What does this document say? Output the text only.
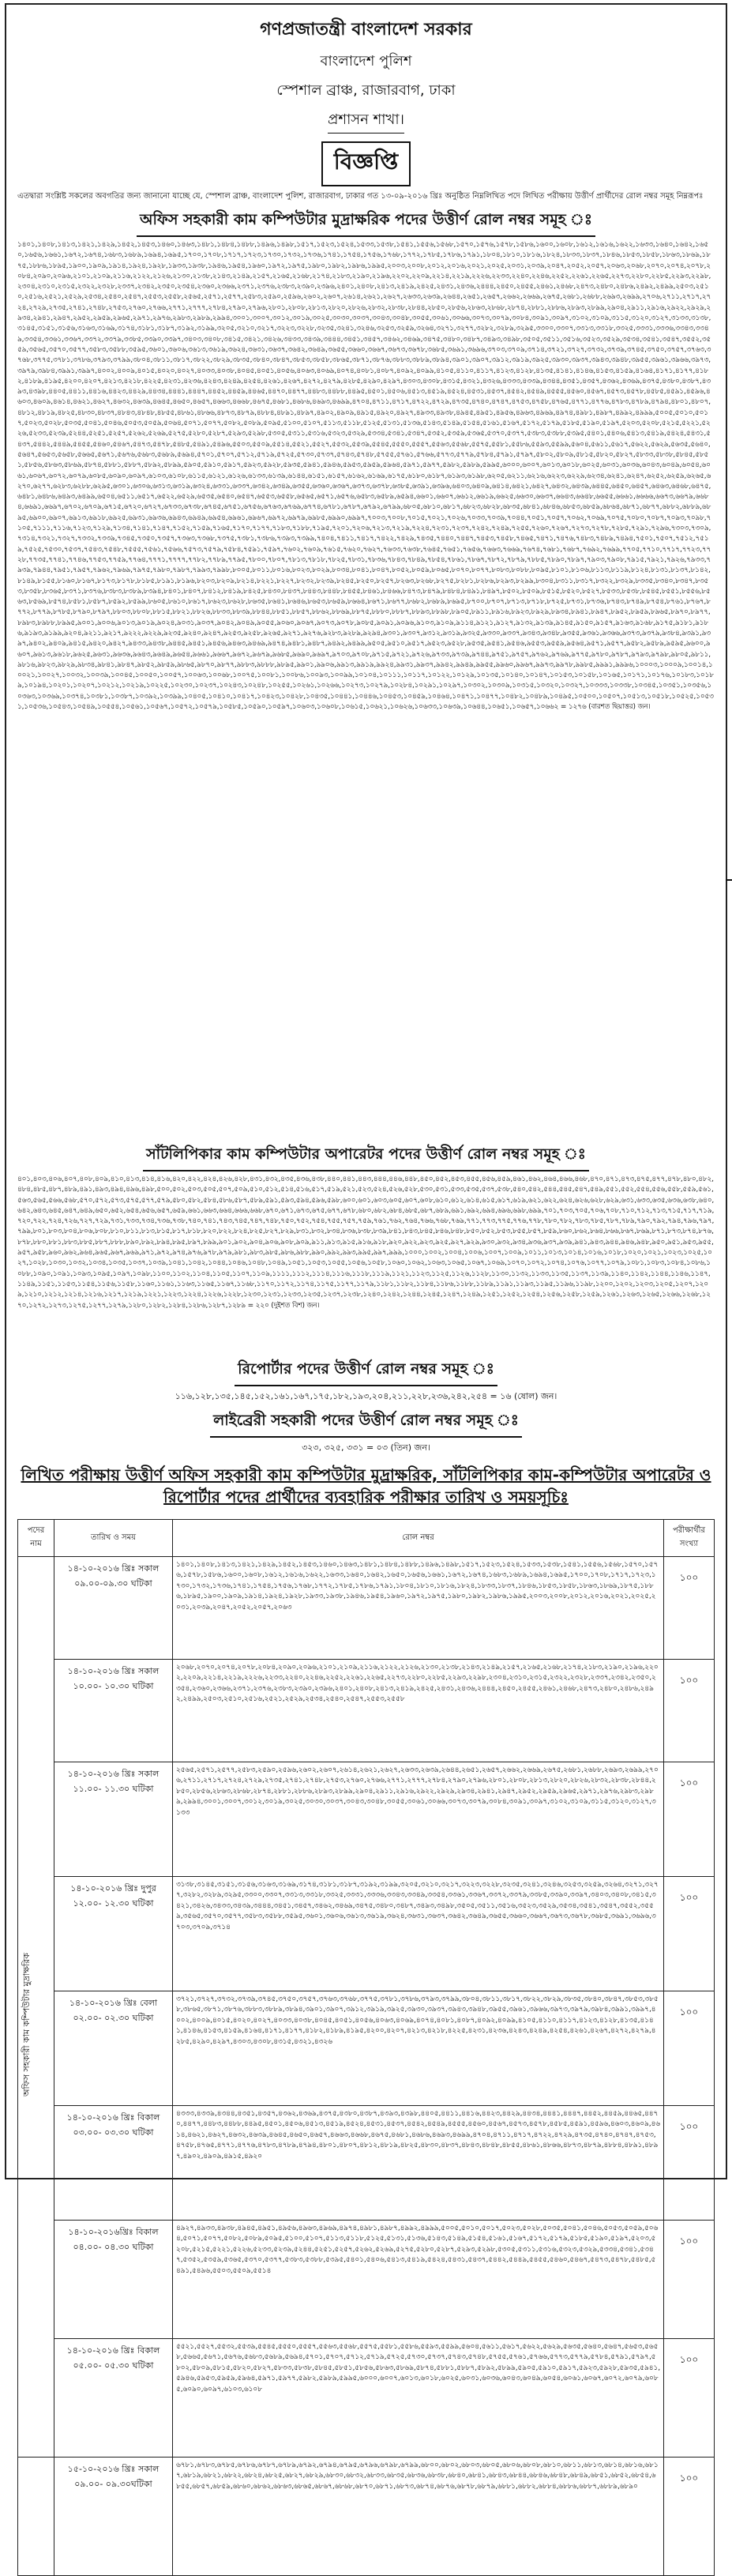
গণপ্রজাতন্ত্রী বাংলাদেশ সরকার
বাংলাদেশ পুলিশ
স্পেশাল ব্রাঞ্চ, রাজারবাগ, ঢাকা
প্রশাসন শাখা।
বিজ্ঞপ্তি
এতদ্বারা সংশ্লিষ্ট সকলের অবগতির জন্য জানানো যাচ্ছে যে, স্পেশাল ব্রাঞ্চ, বাংলাদেশ পুলিশ, রাজারবাগ, ঢাকার গত ১৩-০৯-২০১৬ খ্রিঃ অনুষ্ঠিত নিম্নলিখিত পদে লিখিত পরীক্ষায় উত্তীর্ণ প্রার্থীদের রোল নম্বর সমূহ নিম্নরূপঃ
অফিস সহকারী কাম কম্পিউটার মুদ্রাক্ষরিক পদের উত্তীর্ণ রোল নম্বর সমূহ ঃ
১৪০১,১৪০৮,১৪১৩,১৪২১,১৪২৯,১৪৫২,১৪৫৩,১৪৬০,১৪৬৩,১৪৮১,১৪৮৪,১৪৮৮,১৪৯৬,১৪৯৮,১৫১৭,১৫২৩,১৫২৪,১৫৩৩,১৫৩৮,১৫৪১,১৫৫৬,১৫৬৮,১৫৭০,১৫৭৬,১৫৭৮,১৫৮৬,১৬০০,১৬০৮,১৬১২,১৬১৬,১৬২২,১৬৩৩,১৬৪০,১৬৪২,১৬৫০,১৬৫৬,১৬৬১,১৬৭২,১৬৭৪,১৬৮৩,১৬৮৯,১৬৯৪,১৬৯৫,১৭০০,১৭০৮,১৭১৭,১৭২৩,১৭৩০,১৭৩২,১৭৩৬,১৭৪১,১৭৫৪,১৭৫৬,১৭৬৮,১৭৭২,১৭৮৫,১৭৮৬,১৭৯১,১৮০৪,১৮১০,১৮১৬,১৮২৪,১৮৩৩,১৮৩৭,১৮৪৬,১৮৫৩,১৮৫৮,১৮৬৩,১৮৬৯,১৮৭৫,১৮৮৬,১৮৯৫,১৯০০,১৯০৯,১৯১৪,১৯২৪,১৯২৮,১৯৩৩,১৯৩৮,১৯৪৬,১৯৫৪,১৯৬০,১৯৭২,১৯৭৫,১৯৮০,১৯৮২,১৯৮৬,১৯৯৫,২০০৩,২০০৮,২০১২,২০১৬,২০২১,২০২৫,২০৩১,২০৩৯,২০৪৭,২০৫২,২০৫৭,২০৬৩,২০৬৮,২০৭০,২০৭৪,২০৭৮,২০৮৪,২০৯০,২০৯৬,২১০১,২১০৯,২১১৬,২১২২,২১২৬,২১৩০,২১৩৮,২১৪৩,২১৪৯,২১৫৭,২১৬৫,২১৬৮,২১৭৪,২১৮৩,২১৯০,২১৯৬,২২০২,২২০৯,২২১৪,২২১৯,২২২৬,২২৩৩,২২৪০,২২৪৬,২২৫২,২২৬১,২২৬৫,২২৭৩,২২৮০,২২৮৫,২২৯৩,২২৯৮,২৩০৪,২৩১০,২৩১৫,২৩২২,২৩২৮,২৩৩৭,২৩৪২,২৩৫০,২৩৫৪,২৩৬০,২৩৬৬,২৩৭১,২৩৭৬,২৩৮৩,২৩৯০,২৩৯৬,২৪০১,২৪০৮,২৪১৩,২৪১৯,২৪২৫,২৪৩১,২৪৩৬,২৪৪৪,২৪৫০,২৪৫৫,২৪৬১,২৪৬৮,২৪৭৩,২৪৮০,২৪৮৬,২৪৯২,২৪৯৯,২৫০৩,২৫১০,২৫১৬,২৫২১,২৫২৯,২৫৩৪,২৫৪০,২৫৪৭,২৫৫৩,২৫৫৮,২৫৬৫,২৫৭১,২৫৭৭,২৫৮৩,২৫৯০,২৫৯৬,২৬০২,২৬০৭,২৬১৪,২৬২১,২৬২৭,২৬৩৩,২৬৩৯,২৬৪৪,২৬৫১,২৬৫৭,২৬৬২,২৬৬৯,২৬৭৫,২৬৮১,২৬৮৮,২৬৯৩,২৬৯৯,২৭০৬,২৭১১,২৭১৭,২৭২৪,২৭২৯,২৭৩৫,২৭৪১,২৭৪৮,২৭৫৩,২৭৬০,২৭৬৬,২৭৭১,২৭৭৭,২৭৮৪,২৭৯০,২৭৯৬,২৮০১,২৮০৮,২৮১৩,২৮২০,২৮২৬,২৮৩২,২৮৩৮,২৮৪৪,২৮৫০,২৮৫৬,২৮৬৩,২৮৬৮,২৮৭৪,২৮৮১,২৮৮৬,২৮৯৩,২৮৯৯,২৯০৪,২৯১১,২৯১৬,২৯২২,২৯২৯,২৯৩৪,২৯৪১,২৯৪৭,২৯৫২,২৯৫৯,২৯৬৫,২৯৭১,২৯৭৬,২৯৮৩,২৯৮৯,২৯৯৪,৩০০১,৩০০৭,৩০১২,৩০১৯,৩০২৫,৩০৩০,৩০৩৭,৩০৪৩,৩০৪৮,৩০৫৫,৩০৬১,৩০৬৬,৩০৭৩,৩০৭৯,৩০৮৪,৩০৯১,৩০৯৭,৩১০২,৩১০৯,৩১১৫,৩১২০,৩১২৭,৩১৩৩,৩১৩৮,৩১৪৫,৩১৫১,৩১৫৬,৩১৬৩,৩১৬৯,৩১৭৪,৩১৮১,৩১৮৭,৩১৯২,৩১৯৯,৩২০৫,৩২১০,৩২১৭,৩২২৩,৩২২৮,৩২৩৫,৩২৪১,৩২৪৬,৩২৫৩,৩২৫৯,৩২৬৪,৩২৭১,৩২৭৭,৩২৮২,৩২৮৯,৩২৯৫,৩৩০০,৩৩০৭,৩৩১৩,৩৩১৮,৩৩২৫,৩৩৩১,৩৩৩৬,৩৩৪৩,৩৩৪৯,৩৩৫৪,৩৩৬১,৩৩৬৭,৩৩৭২,৩৩৭৯,৩৩৮৫,৩৩৯০,৩৩৯৭,৩৪০৩,৩৪০৮,৩৪১৫,৩৪২১,৩৪২৬,৩৪৩৩,৩৪৩৯,৩৪৪৪,৩৪৫১,৩৪৫৭,৩৪৬২,৩৪৬৯,৩৪৭৫,৩৪৮০,৩৪৮৭,৩৪৯৩,৩৪৯৮,৩৫০৫,৩৫১১,৩৫১৬,৩৫২৩,৩৫২৯,৩৫৩৪,৩৫৪১,৩৫৪৭,৩৫৫২,৩৫৫৯,৩৫৬৫,৩৫৭০,৩৫৭৭,৩৫৮৩,৩৫৮৮,৩৫৯৫,৩৬০১,৩৬০৬,৩৬১৩,৩৬১৯,৩৬২৪,৩৬৩১,৩৬৩৭,৩৬৪২,৩৬৪৯,৩৬৫৫,৩৬৬০,৩৬৬৭,৩৬৭৩,৩৬৭৮,৩৬৮৫,৩৬৯১,৩৬৯৬,৩৭০৩,৩৭০৯,৩৭১৪,৩৭২১,৩৭২৭,৩৭৩২,৩৭৩৯,৩৭৪৫,৩৭৫০,৩৭৫৭,৩৭৬৩,৩৭৬৮,৩৭৭৫,৩৭৮১,৩৭৮৬,৩৭৯৩,৩৭৯৯,৩৮০৪,৩৮১১,৩৮১৭,৩৮২২,৩৮২৯,৩৮৩৫,৩৮৪০,৩৮৪৭,৩৮৫৩,৩৮৫৮,৩৮৬৫,৩৮৭১,৩৮৭৬,৩৮৮৩,৩৮৮৯,৩৮৯৪,৩৯০১,৩৯০৭,৩৯১২,৩৯১৯,৩৯২৫,৩৯৩০,৩৯৩৭,৩৯৪৩,৩৯৪৮,৩৯৫৫,৩৯৬১,৩৯৬৬,৩৯৭৩,৩৯৭৯,৩৯৮৪,৩৯৯১,৩৯৯৭,৪০০২,৪০০৯,৪০১৫,৪০২০,৪০২৭,৪০৩৩,৪০৩৮,৪০৪৫,৪০৫১,৪০৫৬,৪০৬৩,৪০৬৯,৪০৭৪,৪০৮১,৪০৮৭,৪০৯২,৪০৯৯,৪১০৫,৪১১০,৪১১৭,৪১২৩,৪১২৮,৪১৩৫,৪১৪১,৪১৪৬,৪১৫৩,৪১৫৯,৪১৬৪,৪১৭১,৪১৭৭,৪১৮২,৪১৮৯,৪১৯৫,৪২০০,৪২০৭,৪২১৩,৪২১৮,৪২২৫,৪২৩১,৪২৩৬,৪২৪৩,৪২৪৯,৪২৫৪,৪২৬১,৪২৬৭,৪২৭২,৪২৭৯,৪২৮৫,৪২৯০,৪২৯৭,৪৩০৩,৪৩০৮,৪৩১৫,৪৩২১,৪৩২৬,৪৩৩৩,৪৩৩৯,৪৩৪৪,৪৩৫১,৪৩৫৭,৪৩৬২,৪৩৬৯,৪৩৭৫,৪৩৮০,৪৩৮৭,৪৩৯৩,৪৩৯৮,৪৪০৫,৪৪১১,৪৪১৬,৪৪২৩,৪৪২৯,৪৪৩৪,৪৪৪১,৪৪৪৭,৪৪৫২,৪৪৫৯,৪৪৬৫,৪৪৭০,৪৪৭৭,৪৪৮৩,৪৪৮৮,৪৪৯৫,৪৫০১,৪৫০৬,৪৫১৩,৪৫১৯,৪৫২৪,৪৫৩১,৪৫৩৭,৪৫৪২,৪৫৪৯,৪৫৫৫,৪৫৬০,৪৫৬৭,৪৫৭৩,৪৫৭৮,৪৫৮৫,৪৫৯১,৪৫৯৬,৪৬০৩,৪৬০৯,৪৬১৪,৪৬২১,৪৬২৭,৪৬৩২,৪৬৩৯,৪৬৪৫,৪৬৫০,৪৬৫৭,৪৬৬৩,৪৬৬৮,৪৬৭৫,৪৬৮১,৪৬৮৬,৪৬৯৩,৪৬৯৯,৪৭০৪,৪৭১১,৪৭১৭,৪৭২২,৪৭২৯,৪৭৩৫,৪৭৪০,৪৭৪৭,৪৭৫৩,৪৭৫৮,৪৭৬৫,৪৭৭১,৪৭৭৬,৪৭৮৩,৪৭৮৯,৪৭৯৪,৪৮০১,৪৮০৭,৪৮১২,৪৮১৯,৪৮২৫,৪৮৩০,৪৮৩৭,৪৮৪৩,৪৮৪৮,৪৮৫৫,৪৮৬১,৪৮৬৬,৪৮৭৩,৪৮৭৯,৪৮৮৪,৪৮৯১,৪৮৯৭,৪৯০২,৪৯০৯,৪৯১৫,৪৯২০,৪৯২৭,৪৯৩৩,৪৯৩৮,৪৯৪৫,৪৯৫১,৪৯৫৬,৪৯৬৩,৪৯৬৯,৪৯৭৪,৪৯৮১,৪৯৮৭,৪৯৯২,৪৯৯৯,৫০০৫,৫০১০,৫০১৭,৫০২৩,৫০২৮,৫০৩৫,৫০৪১,৫০৪৬,৫০৫৩,৫০৫৯,৫০৬৪,৫০৭১,৫০৭৭,৫০৮২,৫০৮৯,৫০৯৫,৫১০০,৫১০৭,৫১১৩,৫১১৮,৫১২৫,৫১৩১,৫১৩৬,৫১৪৩,৫১৪৯,৫১৫৪,৫১৬১,৫১৬৭,৫১৭২,৫১৭৯,৫১৮৫,৫১৯০,৫১৯৭,৫২০৩,৫২০৮,৫২১৫,৫২২১,৫২২৬,৫২৩৩,৫২৩৯,৫২৪৪,৫২৫১,৫২৫৭,৫২৬২,৫২৬৯,৫২৭৫,৫২৮০,৫২৮৭,৫২৯৩,৫২৯৮,৫৩০৫,৫৩১১,৫৩১৬,৫৩২৩,৫৩২৯,৫৩৩৪,৫৩৪১,৫৩৪৭,৫৩৫২,৫৩৫৯,৫৩৬৫,৫৩৭০,৫৩৭৭,৫৩৮৩,৫৩৮৮,৫৩৯৫,৫৪০১,৫৪০৬,৫৪১৩,৫৪১৯,৫৪২৪,৫৪৩১,৫৪৩৭,৫৪৪২,৫৪৪৯,৫৪৫৫,৫৪৬০,৫৪৬৭,৫৪৭৩,৫৪৭৮,৫৪৮৫,৫৪৯১,৫৪৯৬,৫৫০৩,৫৫০৯,৫৫১৪,৫৫২১,৫৫২৭,৫৫৩২,৫৫৩৯,৫৫৪৫,৫৫৫০,৫৫৫৭,৫৫৬৩,৫৫৬৮,৫৫৭৫,৫৫৮১,৫৫৮৬,৫৫৯৩,৫৫৯৯,৫৬০৪,৫৬১১,৫৬১৭,৫৬২২,৫৬২৯,৫৬৩৫,৫৬৪০,৫৬৪৭,৫৬৫৩,৫৬৫৮,৫৬৬৫,৫৬৭১,৫৬৭৬,৫৬৮৩,৫৬৮৯,৫৬৯৪,৫৭০১,৫৭০৭,৫৭১২,৫৭১৯,৫৭২৫,৫৭৩০,৫৭৩৭,৫৭৪৩,৫৭৪৮,৫৭৫৫,৫৭৬১,৫৭৬৬,৫৭৭৩,৫৭৭৯,৫৭৮৪,৫৭৯১,৫৭৯৭,৫৮০২,৫৮০৯,৫৮১৫,৫৮২০,৫৮২৭,৫৮৩৩,৫৮৩৮,৫৮৪৫,৫৮৫১,৫৮৫৬,৫৮৬৩,৫৮৬৯,৫৮৭৪,৫৮৮১,৫৮৮৭,৫৮৯২,৫৮৯৯,৫৯০৫,৫৯১০,৫৯১৭,৫৯২৩,৫৯২৮,৫৯৩৫,৫৯৪১,৫৯৪৬,৫৯৫৩,৫৯৫৯,৫৯৬৪,৫৯৭১,৫৯৭৭,৫৯৮২,৫৯৮৯,৫৯৯৫,৬০০০,৬০০৭,৬০১৩,৬০১৮,৬০২৫,৬০৩১,৬০৩৬,৬০৪৩,৬০৪৯,৬০৫৪,৬০৬১,৬০৬৭,৬০৭২,৬০৭৯,৬০৮৫,৬০৯০,৬০৯৭,৬১০৩,৬১০৮,৬১১৫,৬১২১,৬১২৬,৬১৩৩,৬১৩৯,৬১৪৪,৬১৫১,৬১৫৭,৬১৬২,৬১৬৯,৬১৭৫,৬১৮০,৬১৮৭,৬১৯৩,৬১৯৮,৬২০৫,৬২১১,৬২১৬,৬২২৩,৬২২৯,৬২৩৪,৬২৪১,৬২৪৭,৬২৫২,৬২৫৯,৬২৬৫,৬২৭০,৬২৭৭,৬২৮৩,৬২৮৮,৬২৯৫,৬৩০১,৬৩০৬,৬৩১৩,৬৩১৯,৬৩২৪,৬৩৩১,৬৩৩৭,৬৩৪২,৬৩৪৯,৬৩৫৫,৬৩৬০,৬৩৬৭,৬৩৭৩,৬৩৭৮,৬৩৮৫,৬৩৯১,৬৩৯৬,৬৪০৩,৬৪০৯,৬৪১৪,৬৪২১,৬৪২৭,৬৪৩২,৬৪৩৯,৬৪৪৫,৬৪৫০,৬৪৫৭,৬৪৬৩,৬৪৬৮,৬৪৭৫,৬৪৮১,৬৪৮৬,৬৪৯৩,৬৪৯৯,৬৫০৪,৬৫১১,৬৫১৭,৬৫২২,৬৫২৯,৬৫৩৫,৬৫৪০,৬৫৪৭,৬৫৫৩,৬৫৫৮,৬৫৬৫,৬৫৭১,৬৫৭৬,৬৫৮৩,৬৫৮৯,৬৫৯৪,৬৬০১,৬৬০৭,৬৬১২,৬৬১৯,৬৬২৫,৬৬৩০,৬৬৩৭,৬৬৪৩,৬৬৪৮,৬৬৫৫,৬৬৬১,৬৬৬৬,৬৬৭৩,৬৬৭৯,৬৬৮৪,৬৬৯১,৬৬৯৭,৬৭০২,৬৭০৯,৬৭১৫,৬৭২০,৬৭২৭,৬৭৩৩,৬৭৩৮,৬৭৪৫,৬৭৫১,৬৭৫৬,৬৭৬৩,৬৭৬৯,৬৭৭৪,৬৭৮১,৬৭৮৭,৬৭৯২,৬৭৯৯,৬৮০৫,৬৮১০,৬৮১৭,৬৮২৩,৬৮২৮,৬৮৩৫,৬৮৪১,৬৮৪৬,৬৮৫৩,৬৮৫৯,৬৮৬৪,৬৮৭১,৬৮৭৭,৬৮৮২,৬৮৮৯,৬৮৯৫,৬৯০০,৬৯০৭,৬৯১৩,৬৯১৮,৬৯২৫,৬৯৩১,৬৯৩৬,৬৯৪৩,৬৯৪৯,৬৯৫৪,৬৯৬১,৬৯৬৭,৬৯৭২,৬৯৭৯,৬৯৮৫,৬৯৯০,৬৯৯৭,৭০০৩,৭০০৮,৭০১৫,৭০২১,৭০২৬,৭০৩৩,৭০৩৯,৭০৪৪,৭০৫১,৭০৫৭,৭০৬২,৭০৬৯,৭০৭৫,৭০৮০,৭০৮৭,৭০৯৩,৭০৯৮,৭১০৫,৭১১১,৭১১৬,৭১২৩,৭১২৯,৭১৩৪,৭১৪১,৭১৪৭,৭১৫২,৭১৫৯,৭১৬৫,৭১৭০,৭১৭৭,৭১৮৩,৭১৮৮,৭১৯৫,৭২০১,৭২০৬,৭২১৩,৭২১৯,৭২২৪,৭২৩১,৭২৩৭,৭২৪২,৭২৪৯,৭২৫৫,৭২৬০,৭২৬৭,৭২৭৩,৭২৭৮,৭২৮৫,৭২৯১,৭২৯৬,৭৩০৩,৭৩০৯,৭৩১৪,৭৩২১,৭৩২৭,৭৩৩২,৭৩৩৯,৭৩৪৫,৭৩৫০,৭৩৫৭,৭৩৬৩,৭৩৬৮,৭৩৭৫,৭৩৮১,৭৩৮৬,৭৩৯৩,৭৩৯৯,৭৪০৪,৭৪১১,৭৪১৭,৭৪২২,৭৪২৯,৭৪৩৫,৭৪৪০,৭৪৪৭,৭৪৫৩,৭৪৫৮,৭৪৬৫,৭৪৭১,৭৪৭৬,৭৪৮৩,৭৪৮৯,৭৪৯৪,৭৫০১,৭৫০৭,৭৫১২,৭৫১৯,৭৫২৫,৭৫৩০,৭৫৩৭,৭৫৪৩,৭৫৪৮,৭৫৫৫,৭৫৬১,৭৫৬৬,৭৫৭৩,৭৫৭৯,৭৫৮৪,৭৫৯১,৭৫৯৭,৭৬০২,৭৬০৯,৭৬১৫,৭৬২০,৭৬২৭,৭৬৩৩,৭৬৩৮,৭৬৪৫,৭৬৫১,৭৬৫৬,৭৬৬৩,৭৬৬৯,৭৬৭৪,৭৬৮১,৭৬৮৭,৭৬৯২,৭৬৯৯,৭৭০৫,৭৭১০,৭৭১৭,৭৭২৩,৭৭২৮,৭৭৩৫,৭৭৪১,৭৭৪৬,৭৭৫৩,৭৭৫৯,৭৭৬৪,৭৭৭১,৭৭৭৭,৭৭৮২,৭৭৮৯,৭৭৯৫,৭৮০০,৭৮০৭,৭৮১৩,৭৮১৮,৭৮২৫,৭৮৩১,৭৮৩৬,৭৮৪৩,৭৮৪৯,৭৮৫৪,৭৮৬১,৭৮৬৭,৭৮৭২,৭৮৭৯,৭৮৮৫,৭৮৯০,৭৮৯৭,৭৯০৩,৭৯০৮,৭৯১৫,৭৯২১,৭৯২৬,৭৯৩৩,৭৯৩৯,৭৯৪৪,৭৯৫১,৭৯৫৭,৭৯৬২,৭৯৬৯,৭৯৭৫,৭৯৮০,৭৯৮৭,৭৯৯৩,৭৯৯৮,৮০০৫,৮০১১,৮০১৬,৮০২৩,৮০২৯,৮০৩৪,৮০৪১,৮০৪৭,৮০৫২,৮০৫৯,৮০৬৫,৮০৭০,৮০৭৭,৮০৮৩,৮০৮৮,৮০৯৫,৮১০১,৮১০৬,৮১১৩,৮১১৯,৮১২৪,৮১৩১,৮১৩৭,৮১৪২,৮১৪৯,৮১৫৫,৮১৬০,৮১৬৭,৮১৭৩,৮১৭৮,৮১৮৫,৮১৯১,৮১৯৬,৮২০৩,৮২০৯,৮২১৪,৮২২১,৮২২৭,৮২৩২,৮২৩৯,৮২৪৫,৮২৫০,৮২৫৭,৮২৬৩,৮২৬৮,৮২৭৫,৮২৮১,৮২৮৬,৮২৯৩,৮২৯৯,৮৩০৪,৮৩১১,৮৩১৭,৮৩২২,৮৩২৯,৮৩৩৫,৮৩৪০,৮৩৪৭,৮৩৫৩,৮৩৫৮,৮৩৬৫,৮৩৭১,৮৩৭৬,৮৩৮৩,৮৩৮৯,৮৩৯৪,৮৪০১,৮৪০৭,৮৪১২,৮৪১৯,৮৪২৫,৮৪৩০,৮৪৩৭,৮৪৪৩,৮৪৪৮,৮৪৫৫,৮৪৬১,৮৪৬৬,৮৪৭৩,৮৪৭৯,৮৪৮৪,৮৪৯১,৮৪৯৭,৮৫০২,৮৫০৯,৮৫১৫,৮৫২০,৮৫২৭,৮৫৩৩,৮৫৩৮,৮৫৪৫,৮৫৫১,৮৫৫৬,৮৫৬৩,৮৫৬৯,৮৫৭৪,৮৫৮১,৮৫৮৭,৮৫৯২,৮৫৯৯,৮৬০৫,৮৬১০,৮৬১৭,৮৬২৩,৮৬২৮,৮৬৩৫,৮৬৪১,৮৬৪৬,৮৬৫৩,৮৬৫৯,৮৬৬৪,৮৬৭১,৮৬৭৭,৮৬৮২,৮৬৮৯,৮৬৯৫,৮৭০০,৮৭০৭,৮৭১৩,৮৭১৮,৮৭২৫,৮৭৩১,৮৭৩৬,৮৭৪৩,৮৭৪৯,৮৭৫৪,৮৭৬১,৮৭৬৭,৮৭৭২,৮৭৭৯,৮৭৮৫,৮৭৯০,৮৭৯৭,৮৮০৩,৮৮০৮,৮৮১৫,৮৮২১,৮৮২৬,৮৮৩৩,৮৮৩৯,৮৮৪৪,৮৮৫১,৮৮৫৭,৮৮৬২,৮৮৬৯,৮৮৭৫,৮৮৮০,৮৮৮৭,৮৮৯৩,৮৮৯৮,৮৯০৫,৮৯১১,৮৯১৬,৮৯২৩,৮৯২৯,৮৯৩৪,৮৯৪১,৮৯৪৭,৮৯৫২,৮৯৫৯,৮৯৬৫,৮৯৭০,৮৯৭৭,৮৯৮৩,৮৯৮৮,৮৯৯৫,৯০০১,৯০০৬,৯০১৩,৯০১৯,৯০২৪,৯০৩১,৯০৩৭,৯০৪২,৯০৪৯,৯০৫৫,৯০৬০,৯০৬৭,৯০৭৩,৯০৭৮,৯০৮৫,৯০৯১,৯০৯৬,৯১০৩,৯১০৯,৯১১৪,৯১২১,৯১২৭,৯১৩২,৯১৩৯,৯১৪৫,৯১৫০,৯১৫৭,৯১৬৩,৯১৬৮,৯১৭৫,৯১৮১,৯১৮৬,৯১৯৩,৯১৯৯,৯২০৪,৯২১১,৯২১৭,৯২২২,৯২২৯,৯২৩৫,৯২৪০,৯২৪৭,৯২৫৩,৯২৫৮,৯২৬৫,৯২৭১,৯২৭৬,৯২৮৩,৯২৮৯,৯২৯৪,৯৩০১,৯৩০৭,৯৩১২,৯৩১৯,৯৩২৫,৯৩৩০,৯৩৩৭,৯৩৪৩,৯৩৪৮,৯৩৫৫,৯৩৬১,৯৩৬৬,৯৩৭৩,৯৩৭৯,৯৩৮৪,৯৩৯১,৯৩৯৭,৯৪০২,৯৪০৯,৯৪১৫,৯৪২০,৯৪২৭,৯৪৩৩,৯৪৩৮,৯৪৪৫,৯৪৫১,৯৪৫৬,৯৪৬৩,৯৪৬৯,৯৪৭৪,৯৪৮১,৯৪৮৭,৯৪৯২,৯৪৯৯,৯৫০৫,৯৫১০,৯৫১৭,৯৫২৩,৯৫২৮,৯৫৩৫,৯৫৪১,৯৫৪৬,৯৫৫৩,৯৫৫৯,৯৫৬৪,৯৫৭১,৯৫৭৭,৯৫৮২,৯৫৮৯,৯৫৯৫,৯৬০০,৯৬০৭,৯৬১৩,৯৬১৮,৯৬২৫,৯৬৩১,৯৬৩৬,৯৬৪৩,৯৬৪৯,৯৬৫৪,৯৬৬১,৯৬৬৭,৯৬৭২,৯৬৭৯,৯৬৮৫,৯৬৯০,৯৬৯৭,৯৭০৩,৯৭০৮,৯৭১৫,৯৭২১,৯৭২৬,৯৭৩৩,৯৭৩৯,৯৭৪৪,৯৭৫১,৯৭৫৭,৯৭৬২,৯৭৬৯,৯৭৭৫,৯৭৮০,৯৭৮৭,৯৭৯৩,৯৭৯৮,৯৮০৫,৯৮১১,৯৮১৬,৯৮২৩,৯৮২৯,৯৮৩৪,৯৮৪১,৯৮৪৭,৯৮৫২,৯৮৫৯,৯৮৬৫,৯৮৭০,৯৮৭৭,৯৮৮৩,৯৮৮৮,৯৮৯৫,৯৯০১,৯৯০৬,৯৯১৩,৯৯১৯,৯৯২৪,৯৯৩১,৯৯৩৭,৯৯৪২,৯৯৪৯,৯৯৫৫,৯৯৬০,৯৯৬৭,৯৯৭৩,৯৯৭৮,৯৯৮৫,৯৯৯১,৯৯৯৬,১০০০৩,১০০০৯,১০০১৪,১০০২১,১০০২৭,১০০৩২,১০০৩৯,১০০৪৫,১০০৫০,১০০৫৭,১০০৬৩,১০০৬৮,১০০৭৫,১০০৮১,১০০৮৬,১০০৯৩,১০০৯৯,১০১০৪,১০১১১,১০১১৭,১০১২২,১০১২৯,১০১৩৫,১০১৪০,১০১৪৭,১০১৫৩,১০১৫৮,১০১৬৫,১০১৭১,১০১৭৬,১০১৮৩,১০১৮৯,১০১৯৪,১০২০১,১০২০৭,১০২১২,১০২১৯,১০২২৫,১০২৩০,১০২৩৭,১০২৪৩,১০২৪৮,১০২৫৫,১০২৬১,১০২৬৬,১০২৭৩,১০২৭৯,১০২৮৪,১০২৯১,১০২৯৭,১০৩০২,১০৩০৯,১০৩১৫,১০৩২০,১০৩২৭,১০৩৩৩,১০৩৩৮,১০৩৪৫,১০৩৫১,১০৩৫৬,১০৩৬৩,১০৩৬৯,১০৩৭৪,১০৩৮১,১০৩৮৭,১০৩৯২,১০৩৯৯,১০৪০৫,১০৪১০,১০৪১৭,১০৪২৩,১০৪২৮,১০৪৩৫,১০৪৪১,১০৪৪৬,১০৪৫৩,১০৪৫৯,১০৪৬৪,১০৪৭১,১০৪৭৭,১০৪৮২,১০৪৮৯,১০৪৯৫,১০৫০০,১০৫০৭,১০৫১৩,১০৫১৮,১০৫২৫,১০৫৩১,১০৫৩৬,১০৫৪৩,১০৫৪৯,১০৫৫৪,১০৫৬১,১০৫৬৭,১০৫৭২,১০৫৭৯,১০৫৮৫,১০৫৯০,১০৫৯৭,১০৬০৩,১০৬০৮,১০৬১৫,১০৬২১,১০৬২৬,১০৬৩৩,১০৬৩৯,১০৬৪৪,১০৬৫১,১০৬৫৭,১০৬৬২ = ১২৭৬ (বারশত ছিয়াত্তর) জন।
সাঁটলিপিকার কাম কম্পিউটার অপারেটর পদের উত্তীর্ণ রোল নম্বর সমূহ ঃ
৪০১,৪০৩,৪০৬,৪০৭,৪০৮,৪০৯,৪১০,৪১৩,৪১৪,৪১৬,৪২০,৪২২,৪২৪,৪২৬,৪২৮,৪৩১,৪৩২,৪৩৫,৪৩৬,৪৩৮,৪৪০,৪৪১,৪৪৩,৪৪৪,৪৪৬,৪৪৮,৪৫০,৪৫২,৪৫৩,৪৫৫,৪৫৬,৪৫৯,৪৬১,৪৬২,৪৬৪,৪৬৬,৪৬৮,৪৭০,৪৭১,৪৭৩,৪৭৫,৪৭৭,৪৭৮,৪৮০,৪৮২,৪৮৪,৪৮৫,৪৮৭,৪৮৯,৪৯১,৪৯৩,৪৯৪,৪৯৬,৪৯৮,৫০০,৫০২,৫০৩,৫০৫,৫০৭,৫০৯,৫১০,৫১২,৫১৪,৫১৬,৫১৭,৫১৯,৫২১,৫২৩,৫২৪,৫২৬,৫২৮,৫৩০,৫৩১,৫৩৩,৫৩৫,৫৩৭,৫৩৮,৫৪০,৫৪২,৫৪৪,৫৪৫,৫৪৭,৫৪৯,৫৫১,৫৫২,৫৫৪,৫৫৬,৫৫৮,৫৫৯,৫৬১,৫৬৩,৫৬৫,৫৬৬,৫৬৮,৫৭০,৫৭২,৫৭৩,৫৭৫,৫৭৭,৫৭৯,৫৮০,৫৮২,৫৮৪,৫৮৬,৫৮৭,৫৮৯,৫৯১,৫৯৩,৫৯৪,৫৯৬,৫৯৮,৬০০,৬০১,৬০৩,৬০৫,৬০৭,৬০৮,৬১০,৬১২,৬১৪,৬১৫,৬১৭,৬১৯,৬২১,৬২২,৬২৪,৬২৬,৬২৮,৬২৯,৬৩১,৬৩৩,৬৩৫,৬৩৬,৬৩৮,৬৪০,৬৪২,৬৪৩,৬৪৫,৬৪৭,৬৪৯,৬৫০,৬৫২,৬৫৪,৬৫৬,৬৫৭,৬৫৯,৬৬১,৬৬৩,৬৬৪,৬৬৬,৬৬৮,৬৭০,৬৭১,৬৭৩,৬৭৫,৬৭৭,৬৭৮,৬৮০,৬৮২,৬৮৪,৬৮৫,৬৮৭,৬৮৯,৬৯১,৬৯২,৬৯৪,৬৯৬,৬৯৮,৬৯৯,৭০১,৭০৩,৭০৫,৭০৬,৭০৮,৭১০,৭১২,৭১৩,৭১৫,৭১৭,৭১৯,৭২০,৭২২,৭২৪,৭২৬,৭২৭,৭২৯,৭৩১,৭৩৩,৭৩৪,৭৩৬,৭৩৮,৭৪০,৭৪১,৭৪৩,৭৪৫,৭৪৭,৭৪৮,৭৫০,৭৫২,৭৫৪,৭৫৫,৭৫৭,৭৫৯,৭৬১,৭৬২,৭৬৪,৭৬৬,৭৬৮,৭৬৯,৭৭১,৭৭৩,৭৭৫,৭৭৬,৭৭৮,৭৮০,৭৮২,৭৮৩,৭৮৫,৭৮৭,৭৮৯,৭৯০,৭৯২,৭৯৪,৭৯৬,৭৯৭,৭৯৯,৮০১,৮০৩,৮০৪,৮০৬,৮০৮,৮১০,৮১১,৮১৩,৮১৫,৮১৭,৮১৮,৮২০,৮২২,৮২৪,৮২৫,৮২৭,৮২৯,৮৩১,৮৩২,৮৩৪,৮৩৬,৮৩৮,৮৩৯,৮৪১,৮৪৩,৮৪৫,৮৪৬,৮৪৮,৮৫০,৮৫২,৮৫৩,৮৫৫,৮৫৭,৮৫৯,৮৬০,৮৬২,৮৬৪,৮৬৬,৮৬৭,৮৬৯,৮৭১,৮৭৩,৮৭৪,৮৭৬,৮৭৮,৮৮০,৮৮১,৮৮৩,৮৮৫,৮৮৭,৮৮৮,৮৯০,৮৯২,৮৯৪,৮৯৫,৮৯৭,৮৯৯,৯০১,৯০২,৯০৪,৯০৬,৯০৮,৯০৯,৯১১,৯১৩,৯১৫,৯১৬,৯১৮,৯২০,৯২২,৯২৩,৯২৫,৯২৭,৯২৯,৯৩০,৯৩২,৯৩৪,৯৩৬,৯৩৭,৯৩৯,৯৪১,৯৪৩,৯৪৪,৯৪৬,৯৪৮,৯৫০,৯৫১,৯৫৩,৯৫৫,৯৫৭,৯৫৮,৯৬০,৯৬২,৯৬৪,৯৬৫,৯৬৭,৯৬৯,৯৭১,৯৭২,৯৭৪,৯৭৬,৯৭৮,৯৭৯,৯৮১,৯৮৩,৯৮৫,৯৮৬,৯৮৮,৯৯০,৯৯২,৯৯৩,৯৯৫,৯৯৭,৯৯৯,১০০০,১০০২,১০০৪,১০০৬,১০০৭,১০০৯,১০১১,১০১৩,১০১৪,১০১৬,১০১৮,১০২০,১০২১,১০২৩,১০২৫,১০২৭,১০২৮,১০৩০,১০৩২,১০৩৪,১০৩৫,১০৩৭,১০৩৯,১০৪১,১০৪২,১০৪৪,১০৪৬,১০৪৮,১০৪৯,১০৫১,১০৫৩,১০৫৫,১০৫৬,১০৫৮,১০৬০,১০৬২,১০৬৩,১০৬৫,১০৬৭,১০৬৯,১০৭০,১০৭২,১০৭৪,১০৭৬,১০৭৭,১০৭৯,১০৮১,১০৮৩,১০৮৪,১০৮৬,১০৮৮,১০৯০,১০৯১,১০৯৩,১০৯৫,১০৯৭,১০৯৮,১১০০,১১০২,১১০৪,১১০৫,১১০৭,১১০৯,১১১১,১১১২,১১১৪,১১১৬,১১১৮,১১১৯,১১২১,১১২৩,১১২৫,১১২৬,১১২৮,১১৩০,১১৩২,১১৩৩,১১৩৫,১১৩৭,১১৩৯,১১৪০,১১৪২,১১৪৪,১১৪৬,১১৪৭,১১৪৯,১১৫১,১১৫৩,১১৫৪,১১৫৬,১১৫৮,১১৬০,১১৬১,১১৬৩,১১৬৫,১১৬৭,১১৬৮,১১৭০,১১৭২,১১৭৪,১১৭৫,১১৭৭,১১৭৯,১১৮১,১১৮২,১১৮৪,১১৮৬,১১৮৮,১১৮৯,১১৯১,১১৯৩,১১৯৫,১১৯৬,১১৯৮,১২০০,১২০২,১২০৩,১২০৫,১২০৭,১২০৯,১২১০,১২১২,১২১৪,১২১৬,১২১৭,১২১৯,১২২১,১২২৩,১২২৪,১২২৬,১২২৮,১২৩০,১২৩১,১২৩৩,১২৩৫,১২৩৭,১২৩৮,১২৪০,১২৪২,১২৪৪,১২৪৫,১২৪৭,১২৪৯,১২৫১,১২৫২,১২৫৪,১২৫৬,১২৫৮,১২৫৯,১২৬১,১২৬৩,১২৬৫,১২৬৬,১২৬৮,১২৭০,১২৭২,১২৭৩,১২৭৫,১২৭৭,১২৭৯,১২৮০,১২৮২,১২৮৪,১২৮৬,১২৮৭,১২৮৯ = ২২০ (দুইশত বিশ) জন।
রিপোর্টার পদের উত্তীর্ণ রোল নম্বর সমূহ ঃ
১১৬,১২৮,১৩৫,১৪৫,১৫২,১৬১,১৬৭,১৭৫,১৮২,১৯৩,২০৪,২১১,২২৮,২৩৬,২৪২,২৫৪ = ১৬ (ষোল) জন।
লাইব্রেরী সহকারী পদের উত্তীর্ণ রোল নম্বর সমূহ ঃ
৩২৩, ৩২৫, ৩৩১ = ০৩ (তিন) জন।
লিখিত পরীক্ষায় উত্তীর্ণ অফিস সহকারী কাম কম্পিউটার মুদ্রাক্ষরিক, সাঁটলিপিকার কাম-কম্পিউটার অপারেটর ও
রিপোর্টার পদের প্রার্থীদের ব্যবহারিক পরীক্ষার তারিখ ও সময়সূচিঃ
পদের নাম	তারিখ ও সময়	রোল নম্বর	পরীক্ষার্থীর সংখ্যা

অফিস সহকারী কাম কম্পিউটার মুদ্রাক্ষরিক	১৪-১০-২০১৬ খ্রিঃ সকাল ০৯.০০-০৯.৩০ ঘটিকা	১৪০১,১৪০৮,১৪১৩,১৪২১,১৪২৯,১৪৫২,১৪৫৩,১৪৬০,১৪৬৩,১৪৮১,১৪৮৪,১৪৮৮,১৪৯৬,১৪৯৮,১৫১৭,১৫২৩,১৫২৪,১৫৩৩,১৫৩৮,১৫৪১,১৫৫৬,১৫৬৮,১৫৭০,১৫৭৬,১৫৭৮,১৫৮৬,১৬০০,১৬০৮,১৬১২,১৬১৬,১৬২২,১৬৩৩,১৬৪০,১৬৪২,১৬৫০,১৬৫৬,১৬৬১,১৬৭২,১৬৭৪,১৬৮৩,১৬৮৯,১৬৯৪,১৬৯৫,১৭০০,১৭০৮,১৭১৭,১৭২৩,১৭৩০,১৭৩২,১৭৩৬,১৭৪১,১৭৫৪,১৭৫৬,১৭৬৮,১৭৭২,১৭৮৫,১৭৮৬,১৭৯১,১৮০৪,১৮১০,১৮১৬,১৮২৪,১৮৩৩,১৮৩৭,১৮৪৬,১৮৫৩,১৮৫৮,১৮৬৩,১৮৬৯,১৮৭৫,১৮৮৬,১৮৯৫,১৯০০,১৯০৯,১৯১৪,১৯২৪,১৯২৮,১৯৩৩,১৯৩৮,১৯৪৬,১৯৫৪,১৯৬০,১৯৭২,১৯৭৫,১৯৮০,১৯৮২,১৯৮৬,১৯৯৫,২০০৩,২০০৮,২০১২,২০১৬,২০২১,২০২৫,২০৩১,২০৩৯,২০৪৭,২০৫২,২০৫৭,২০৬৩	১০০
	১৪-১০-২০১৬ খ্রিঃ সকাল ১০.০০- ১০.৩০ ঘটিকা	২০৬৮,২০৭০,২০৭৪,২০৭৮,২০৮৪,২০৯০,২০৯৬,২১০১,২১০৯,২১১৬,২১২২,২১২৬,২১৩০,২১৩৮,২১৪৩,২১৪৯,২১৫৭,২১৬৫,২১৬৮,২১৭৪,২১৮৩,২১৯০,২১৯৬,২২০২,২২০৯,২২১৪,২২১৯,২২২৬,২২৩৩,২২৪০,২২৪৬,২২৫২,২২৬১,২২৬৫,২২৭৩,২২৮০,২২৮৫,২২৯৩,২২৯৮,২৩০৪,২৩১০,২৩১৫,২৩২২,২৩২৮,২৩৩৭,২৩৪২,২৩৫০,২৩৫৪,২৩৬০,২৩৬৬,২৩৭১,২৩৭৬,২৩৮৩,২৩৯০,২৩৯৬,২৪০১,২৪০৮,২৪১৩,২৪১৯,২৪২৫,২৪৩১,২৪৩৬,২৪৪৪,২৪৫০,২৪৫৫,২৪৬১,২৪৬৮,২৪৭৩,২৪৮০,২৪৮৬,২৪৯২,২৪৯৯,২৫০৩,২৫১০,২৫১৬,২৫২১,২৫২৯,২৫৩৪,২৫৪০,২৫৪৭,২৫৫৩,২৫৫৮	১০০
	১৪-১০-২০১৬ খ্রিঃ সকাল ১১.০০- ১১.৩০ ঘটিকা	২৫৬৫,২৫৭১,২৫৭৭,২৫৮৩,২৫৯০,২৫৯৬,২৬০২,২৬০৭,২৬১৪,২৬২১,২৬২৭,২৬৩৩,২৬৩৯,২৬৪৪,২৬৫১,২৬৫৭,২৬৬২,২৬৬৯,২৬৭৫,২৬৮১,২৬৮৮,২৬৯৩,২৬৯৯,২৭০৬,২৭১১,২৭১৭,২৭২৪,২৭২৯,২৭৩৫,২৭৪১,২৭৪৮,২৭৫৩,২৭৬০,২৭৬৬,২৭৭১,২৭৭৭,২৭৮৪,২৭৯০,২৭৯৬,২৮০১,২৮০৮,২৮১৩,২৮২০,২৮২৬,২৮৩২,২৮৩৮,২৮৪৪,২৮৫০,২৮৫৬,২৮৬৩,২৮৬৮,২৮৭৪,২৮৮১,২৮৮৬,২৮৯৩,২৮৯৯,২৯০৪,২৯১১,২৯১৬,২৯২২,২৯২৯,২৯৩৪,২৯৪১,২৯৪৭,২৯৫২,২৯৫৯,২৯৬৫,২৯৭১,২৯৭৬,২৯৮৩,২৯৮৯,২৯৯৪,৩০০১,৩০০৭,৩০১২,৩০১৯,৩০২৫,৩০৩০,৩০৩৭,৩০৪৩,৩০৪৮,৩০৫৫,৩০৬১,৩০৬৬,৩০৭৩,৩০৭৯,৩০৮৪,৩০৯১,৩০৯৭,৩১০২,৩১০৯,৩১১৫,৩১২০,৩১২৭,৩১৩৩	১০০
	১৪-১০-২০১৬ খ্রিঃ দুপুর ১২.০০- ১২.৩০ ঘটিকা	৩১৩৮,৩১৪৫,৩১৫১,৩১৫৬,৩১৬৩,৩১৬৯,৩১৭৪,৩১৮১,৩১৮৭,৩১৯২,৩১৯৯,৩২০৫,৩২১০,৩২১৭,৩২২৩,৩২২৮,৩২৩৫,৩২৪১,৩২৪৬,৩২৫৩,৩২৫৯,৩২৬৪,৩২৭১,৩২৭৭,৩২৮২,৩২৮৯,৩২৯৫,৩৩০০,৩৩০৭,৩৩১৩,৩৩১৮,৩৩২৫,৩৩৩১,৩৩৩৬,৩৩৪৩,৩৩৪৯,৩৩৫৪,৩৩৬১,৩৩৬৭,৩৩৭২,৩৩৭৯,৩৩৮৫,৩৩৯০,৩৩৯৭,৩৪০৩,৩৪০৮,৩৪১৫,৩৪২১,৩৪২৬,৩৪৩৩,৩৪৩৯,৩৪৪৪,৩৪৫১,৩৪৫৭,৩৪৬২,৩৪৬৯,৩৪৭৫,৩৪৮০,৩৪৮৭,৩৪৯৩,৩৪৯৮,৩৫০৫,৩৫১১,৩৫১৬,৩৫২৩,৩৫২৯,৩৫৩৪,৩৫৪১,৩৫৪৭,৩৫৫২,৩৫৫৯,৩৫৬৫,৩৫৭০,৩৫৭৭,৩৫৮৩,৩৫৮৮,৩৫৯৫,৩৬০১,৩৬০৬,৩৬১৩,৩৬১৯,৩৬২৪,৩৬৩১,৩৬৩৭,৩৬৪২,৩৬৪৯,৩৬৫৫,৩৬৬০,৩৬৬৭,৩৬৭৩,৩৬৭৮,৩৬৮৫,৩৬৯১,৩৬৯৬,৩৭০৩,৩৭০৯,৩৭১৪	১০০
	১৪-১০-২০১৬ খ্রিঃ বেলা ০২.০০- ০২.৩০ ঘটিকা	৩৭২১,৩৭২৭,৩৭৩২,৩৭৩৯,৩৭৪৫,৩৭৫০,৩৭৫৭,৩৭৬৩,৩৭৬৮,৩৭৭৫,৩৭৮১,৩৭৮৬,৩৭৯৩,৩৭৯৯,৩৮০৪,৩৮১১,৩৮১৭,৩৮২২,৩৮২৯,৩৮৩৫,৩৮৪০,৩৮৪৭,৩৮৫৩,৩৮৫৮,৩৮৬৫,৩৮৭১,৩৮৭৬,৩৮৮৩,৩৮৮৯,৩৮৯৪,৩৯০১,৩৯০৭,৩৯১২,৩৯১৯,৩৯২৫,৩৯৩০,৩৯৩৭,৩৯৪৩,৩৯৪৮,৩৯৫৫,৩৯৬১,৩৯৬৬,৩৯৭৩,৩৯৭৯,৩৯৮৪,৩৯৯১,৩৯৯৭,৪০০২,৪০০৯,৪০১৫,৪০২০,৪০২৭,৪০৩৩,৪০৩৮,৪০৪৫,৪০৫১,৪০৫৬,৪০৬৩,৪০৬৯,৪০৭৪,৪০৮১,৪০৮৭,৪০৯২,৪০৯৯,৪১০৫,৪১১০,৪১১৭,৪১২৩,৪১২৮,৪১৩৫,৪১৪১,৪১৪৬,৪১৫৩,৪১৫৯,৪১৬৪,৪১৭১,৪১৭৭,৪১৮২,৪১৮৯,৪১৯৫,৪২০০,৪২০৭,৪২১৩,৪২১৮,৪২২৫,৪২৩১,৪২৩৬,৪২৪৩,৪২৪৯,৪২৫৪,৪২৬১,৪২৬৭,৪২৭২,৪২৭৯,৪২৮৫,৪২৯০,৪২৯৭,৪৩০৩,৪৩০৮,৪৩১৫,৪৩২১,৪৩২৬	১০০
	১৪-১০-২০১৬ খ্রিঃ বিকাল ০৩.০০- ০৩.৩০ ঘটিকা	৪৩৩৩,৪৩৩৯,৪৩৪৪,৪৩৫১,৪৩৫৭,৪৩৬২,৪৩৬৯,৪৩৭৫,৪৩৮০,৪৩৮৭,৪৩৯৩,৪৩৯৮,৪৪০৫,৪৪১১,৪৪১৬,৪৪২৩,৪৪২৯,৪৪৩৪,৪৪৪১,৪৪৪৭,৪৪৫২,৪৪৫৯,৪৪৬৫,৪৪৭০,৪৪৭৭,৪৪৮৩,৪৪৮৮,৪৪৯৫,৪৫০১,৪৫০৬,৪৫১৩,৪৫১৯,৪৫২৪,৪৫৩১,৪৫৩৭,৪৫৪২,৪৫৪৯,৪৫৫৫,৪৫৬০,৪৫৬৭,৪৫৭৩,৪৫৭৮,৪৫৮৫,৪৫৯১,৪৫৯৬,৪৬০৩,৪৬০৯,৪৬১৪,৪৬২১,৪৬২৭,৪৬৩২,৪৬৩৯,৪৬৪৫,৪৬৫০,৪৬৫৭,৪৬৬৩,৪৬৬৮,৪৬৭৫,৪৬৮১,৪৬৮৬,৪৬৯৩,৪৬৯৯,৪৭০৪,৪৭১১,৪৭১৭,৪৭২২,৪৭২৯,৪৭৩৫,৪৭৪০,৪৭৪৭,৪৭৫৩,৪৭৫৮,৪৭৬৫,৪৭৭১,৪৭৭৬,৪৭৮৩,৪৭৮৯,৪৭৯৪,৪৮০১,৪৮০৭,৪৮১২,৪৮১৯,৪৮২৫,৪৮৩০,৪৮৩৭,৪৮৪৩,৪৮৪৮,৪৮৫৫,৪৮৬১,৪৮৬৬,৪৮৭৩,৪৮৭৯,৪৮৮৪,৪৮৯১,৪৮৯৭,৪৯০২,৪৯০৯,৪৯১৫,৪৯২০	১০০
	১৪-১০-২০১৬খ্রিঃ বিকাল ০৪.০০- ০৪.৩০ ঘটিকা	৪৯২৭,৪৯৩৩,৪৯৩৮,৪৯৪৫,৪৯৫১,৪৯৫৬,৪৯৬৩,৪৯৬৯,৪৯৭৪,৪৯৮১,৪৯৮৭,৪৯৯২,৪৯৯৯,৫০০৫,৫০১০,৫০১৭,৫০২৩,৫০২৮,৫০৩৫,৫০৪১,৫০৪৬,৫০৫৩,৫০৫৯,৫০৬৪,৫০৭১,৫০৭৭,৫০৮২,৫০৮৯,৫০৯৫,৫১০০,৫১০৭,৫১১৩,৫১১৮,৫১২৫,৫১৩১,৫১৩৬,৫১৪৩,৫১৪৯,৫১৫৪,৫১৬১,৫১৬৭,৫১৭২,৫১৭৯,৫১৮৫,৫১৯০,৫১৯৭,৫২০৩,৫২০৮,৫২১৫,৫২২১,৫২২৬,৫২৩৩,৫২৩৯,৫২৪৪,৫২৫১,৫২৫৭,৫২৬২,৫২৬৯,৫২৭৫,৫২৮০,৫২৮৭,৫২৯৩,৫২৯৮,৫৩০৫,৫৩১১,৫৩১৬,৫৩২৩,৫৩২৯,৫৩৩৪,৫৩৪১,৫৩৪৭,৫৩৫২,৫৩৫৯,৫৩৬৫,৫৩৭০,৫৩৭৭,৫৩৮৩,৫৩৮৮,৫৩৯৫,৫৪০১,৫৪০৬,৫৪১৩,৫৪১৯,৫৪২৪,৫৪৩১,৫৪৩৭,৫৪৪২,৫৪৪৯,৫৪৫৫,৫৪৬০,৫৪৬৭,৫৪৭৩,৫৪৭৮,৫৪৮৫,৫৪৯১,৫৪৯৬,৫৫০৩,৫৫০৯,৫৫১৪	১০০
	১৪-১০-২০১৬ খ্রিঃ বিকাল ০৫.০০- ০৫.৩০ ঘটিকা	৫৫২১,৫৫২৭,৫৫৩২,৫৫৩৯,৫৫৪৫,৫৫৫০,৫৫৫৭,৫৫৬৩,৫৫৬৮,৫৫৭৫,৫৫৮১,৫৫৮৬,৫৫৯৩,৫৫৯৯,৫৬০৪,৫৬১১,৫৬১৭,৫৬২২,৫৬২৯,৫৬৩৫,৫৬৪০,৫৬৪৭,৫৬৫৩,৫৬৫৮,৫৬৬৫,৫৬৭১,৫৬৭৬,৫৬৮৩,৫৬৮৯,৫৬৯৪,৫৭০১,৫৭০৭,৫৭১২,৫৭১৯,৫৭২৫,৫৭৩০,৫৭৩৭,৫৭৪৩,৫৭৪৮,৫৭৫৫,৫৭৬১,৫৭৬৬,৫৭৭৩,৫৭৭৯,৫৭৮৪,৫৭৯১,৫৭৯৭,৫৮০২,৫৮০৯,৫৮১৫,৫৮২০,৫৮২৭,৫৮৩৩,৫৮৩৮,৫৮৪৫,৫৮৫১,৫৮৫৬,৫৮৬৩,৫৮৬৯,৫৮৭৪,৫৮৮১,৫৮৮৭,৫৮৯২,৫৮৯৯,৫৯০৫,৫৯১০,৫৯১৭,৫৯২৩,৫৯২৮,৫৯৩৫,৫৯৪১,৫৯৪৬,৫৯৫৩,৫৯৫৯,৫৯৬৪,৫৯৭১,৫৯৭৭,৫৯৮২,৫৯৮৯,৫৯৯৫,৬০০০,৬০০৭,৬০১৩,৬০১৮,৬০২৫,৬০৩১,৬০৩৬,৬০৪৩,৬০৪৯,৬০৫৪,৬০৬১,৬০৬৭,৬০৭২,৬০৭৯,৬০৮৫,৬০৯০,৬০৯৭,৬১০৩,৬১০৮	১০০
	১৫-১০-২০১৬ খ্রিঃ সকাল ০৯.০০- ০৯.৩০ঘটিকা	৬৭৮১,৬৭৮৩,৬৭৮৫,৬৭৮৬,৬৭৮৭,৬৭৮৯,৬৭৯২,৬৭৯৪,৬৭৯৫,৬৭৯৬,৬৭৯৮,৬৭৯৯,৬৮০০,৬৮০২,৬৮০৩,৬৮০৫,৬৮০৬,৬৮০৮,৬৮১০,৬৮১১,৬৮১৩,৬৮১৪,৬৮১৬,৬৮১৭,৬৮১৯,৬৮২১,৬৮২২,৬৮২৪,৬৮২৫,৬৮২৭,৬৮২৯,৬৮৩০,৬৮৩২,৬৮৩৩,৬৮৩৫,৬৮৩৬,৬৮৩৮,৬৮৪০,৬৮৪১,৬৮৪৩,৬৮৪৪,৬৮৪৬,৬৮৪৮,৬৮৪৯,৬৮৫১,৬৮৫২,৬৮৫৪,৬৮৫৫,৬৮৫৭,৬৮৫৯,৬৮৬০,৬৮৬২,৬৮৬৩,৬৮৬৫,৬৮৬৭,৬৮৬৮,৬৮৭০,৬৮৭১,৬৮৭৩,৬৮৭৪,৬৮৭৬,৬৮৭৮,৬৮৭৯,৬৮৮১,৬৮৮২,৬৮৮৪,৬৮৮৬,৬৮৮৭,৬৮৮৯,৬৮৯০	১০০
